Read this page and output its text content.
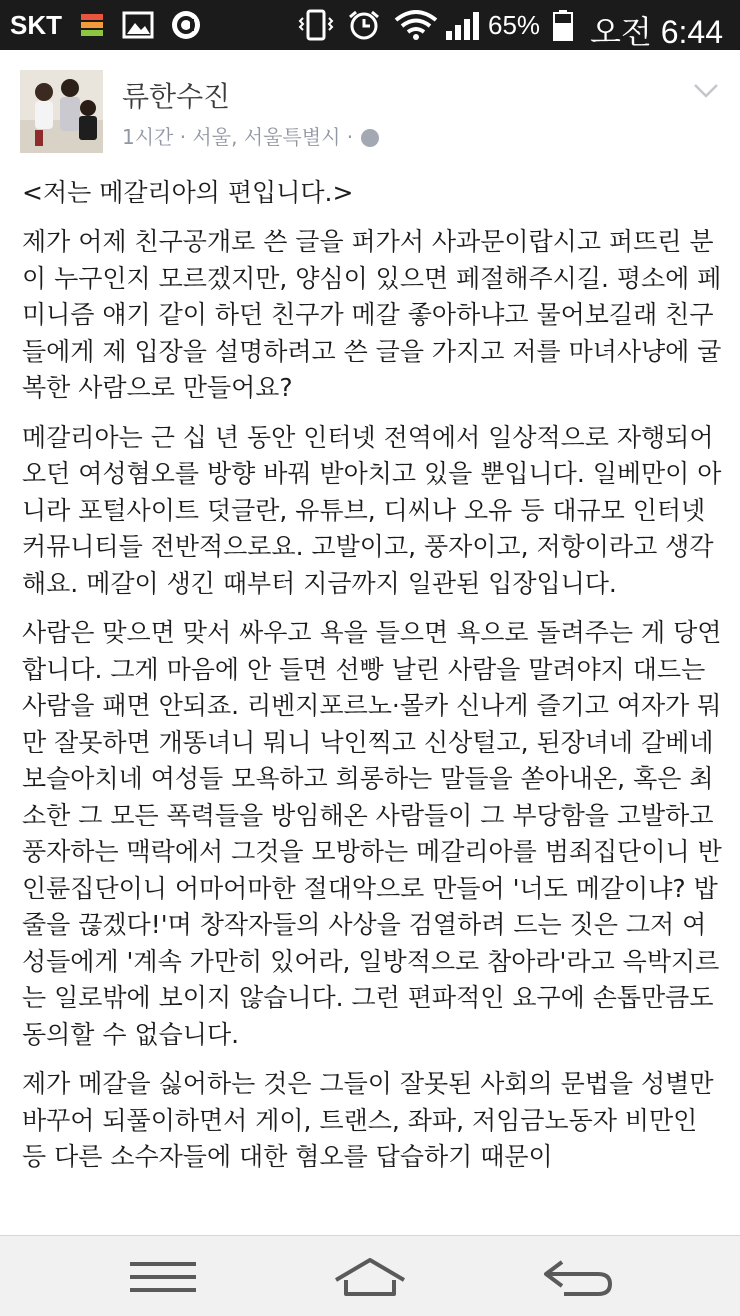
SKT	65% 오전 6:44
류한수진
1시간 · 서울, 서울특별시 ·

<저는 메갈리아의 편입니다.>

제가 어제 친구공개로 쓴 글을 퍼가서 사과문이랍시고 퍼뜨린 분이 누구인지 모르겠지만, 양심이 있으면 페절해주시길. 평소에 페미니즘 얘기 같이 하던 친구가 메갈 좋아하냐고 물어보길래 친구들에게 제 입장을 설명하려고 쓴 글을 가지고 저를 마녀사냥에 굴복한 사람으로 만들어요?

메갈리아는 근 십 년 동안 인터넷 전역에서 일상적으로 자행되어 오던 여성혐오를 방향 바꿔 받아치고 있을 뿐입니다. 일베만이 아니라 포털사이트 덧글란, 유튜브, 디씨나 오유 등 대규모 인터넷 커뮤니티들 전반적으로요. 고발이고, 풍자이고, 저항이라고 생각해요. 메갈이 생긴 때부터 지금까지 일관된 입장입니다.

사람은 맞으면 맞서 싸우고 욕을 들으면 욕으로 돌려주는 게 당연합니다. 그게 마음에 안 들면 선빵 날린 사람을 말려야지 대드는 사람을 패면 안되죠. 리벤지포르노·몰카 신나게 즐기고 여자가 뭐만 잘못하면 개똥녀니 뭐니 낙인찍고 신상털고, 된장녀네 갈베네 보슬아치네 여성들 모욕하고 희롱하는 말들을 쏟아내온, 혹은 최소한 그 모든 폭력들을 방임해온 사람들이 그 부당함을 고발하고 풍자하는 맥락에서 그것을 모방하는 메갈리아를 범죄집단이니 반인륜집단이니 어마어마한 절대악으로 만들어 '너도 메갈이냐? 밥줄을 끊겠다!'며 창작자들의 사상을 검열하려 드는 짓은 그저 여성들에게 '계속 가만히 있어라, 일방적으로 참아라'라고 윽박지르는 일로밖에 보이지 않습니다. 그런 편파적인 요구에 손톱만큼도 동의할 수 없습니다.

제가 메갈을 싫어하는 것은 그들이 잘못된 사회의 문법을 성별만 바꾸어 되풀이하면서 게이, 트랜스, 좌파, 저임금노동자 비만인 등 다른 소수자들에 대한 혐오를 답습하기 때문이
